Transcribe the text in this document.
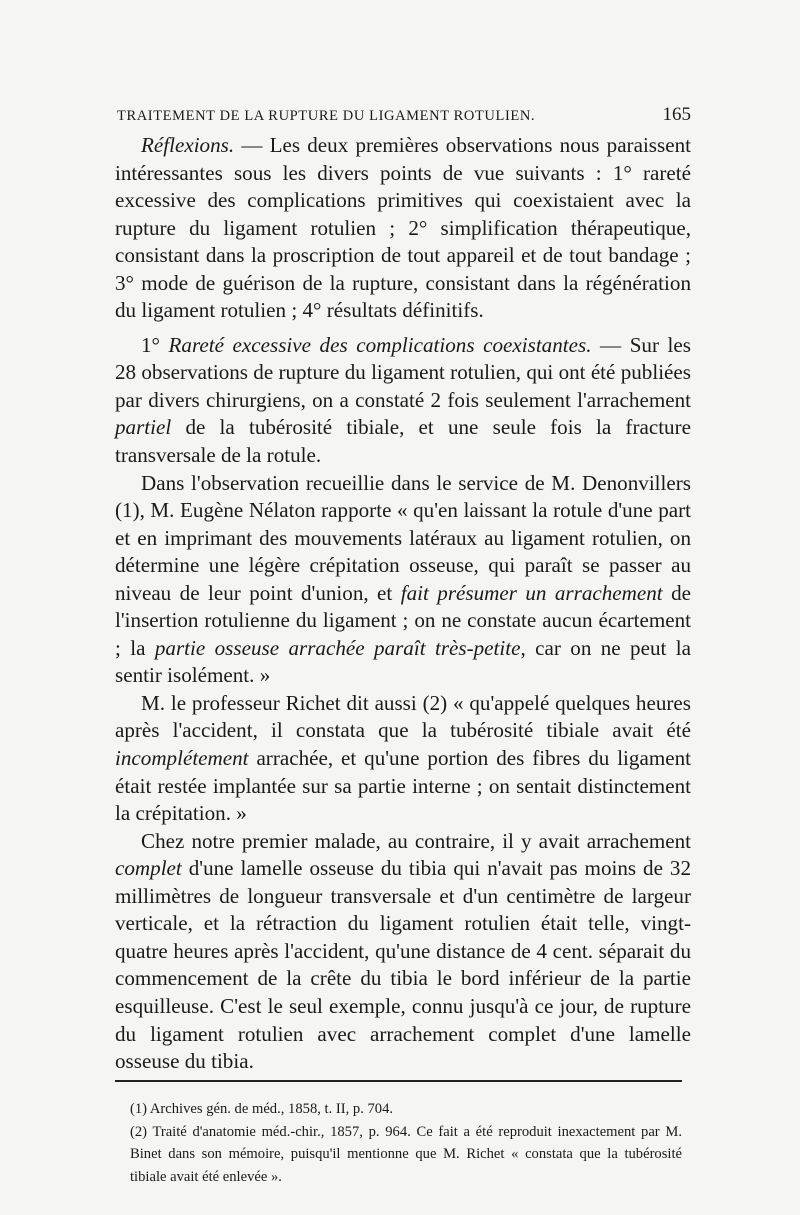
TRAITEMENT DE LA RUPTURE DU LIGAMENT ROTULIEN.	165

Réflexions. — Les deux premières observations nous paraissent intéressantes sous les divers points de vue suivants : 1° rareté excessive des complications primitives qui coexistaient avec la rupture du ligament rotulien ; 2° simplification thérapeutique, consistant dans la proscription de tout appareil et de tout bandage ; 3° mode de guérison de la rupture, consistant dans la régénération du ligament rotulien ; 4° résultats définitifs.

1° Rareté excessive des complications coexistantes. — Sur les 28 observations de rupture du ligament rotulien, qui ont été publiées par divers chirurgiens, on a constaté 2 fois seulement l'arrachement partiel de la tubérosité tibiale, et une seule fois la fracture transversale de la rotule.

Dans l'observation recueillie dans le service de M. Denonvillers (1), M. Eugène Nélaton rapporte « qu'en laissant la rotule d'une part et en imprimant des mouvements latéraux au ligament rotulien, on détermine une légère crépitation osseuse, qui paraît se passer au niveau de leur point d'union, et fait présumer un arrachement de l'insertion rotulienne du ligament ; on ne constate aucun écartement ; la partie osseuse arrachée paraît très-petite, car on ne peut la sentir isolément. »

M. le professeur Richet dit aussi (2) « qu'appelé quelques heures après l'accident, il constata que la tubérosité tibiale avait été incomplétement arrachée, et qu'une portion des fibres du ligament était restée implantée sur sa partie interne ; on sentait distinctement la crépitation. »

Chez notre premier malade, au contraire, il y avait arrachement complet d'une lamelle osseuse du tibia qui n'avait pas moins de 32 millimètres de longueur transversale et d'un centimètre de largeur verticale, et la rétraction du ligament rotulien était telle, vingt-quatre heures après l'accident, qu'une distance de 4 cent. séparait du commencement de la crête du tibia le bord inférieur de la partie esquilleuse. C'est le seul exemple, connu jusqu'à ce jour, de rupture du ligament rotulien avec arrachement complet d'une lamelle osseuse du tibia.

(1) Archives gén. de méd., 1858, t. II, p. 704.

(2) Traité d'anatomie méd.-chir., 1857, p. 964. Ce fait a été reproduit inexactement par M. Binet dans son mémoire, puisqu'il mentionne que M. Richet « constata que la tubérosité tibiale avait été enlevée ».
